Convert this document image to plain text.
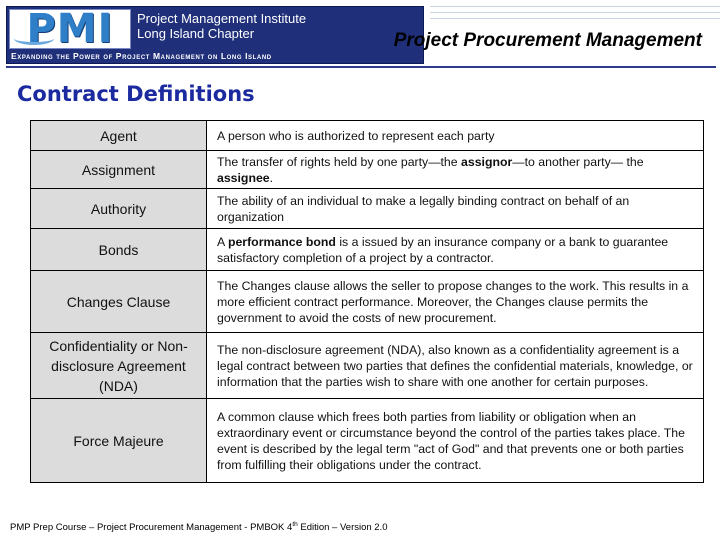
PMI	Project Management Institute
Long Island Chapter
Expanding the Power of Project Management on Long Island
Project Procurement Management
Contract Definitions
Agent	A person who is authorized to represent each party
Assignment	The transfer of rights held by one party—the assignor—to another party— the assignee.
Authority	The ability of an individual to make a legally binding contract on behalf of an organization
Bonds	A performance bond is a issued by an insurance company or a bank to guarantee satisfactory completion of a project by a contractor.
Changes Clause	The Changes clause allows the seller to propose changes to the work. This results in a more efficient contract performance. Moreover, the Changes clause permits the government to avoid the costs of new procurement.
Confidentiality or Non-disclosure Agreement (NDA)	The non-disclosure agreement (NDA), also known as a confidentiality agreement is a legal contract between two parties that defines the confidential materials, knowledge, or information that the parties wish to share with one another for certain purposes.
Force Majeure	A common clause which frees both parties from liability or obligation when an extraordinary event or circumstance beyond the control of the parties takes place. The event is described by the legal term "act of God" and that prevents one or both parties from fulfilling their obligations under the contract.
PMP Prep Course – Project Procurement Management - PMBOK 4th Edition – Version 2.0
